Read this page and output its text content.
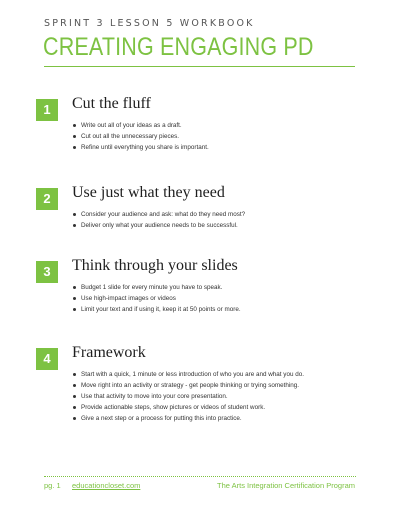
SPRINT 3 LESSON 5 WORKBOOK
CREATING ENGAGING PD
1	Cut the fluff
Write out all of your ideas as a draft.
Cut out all the unnecessary pieces.
Refine until everything you share is important.
2	Use just what they need
Consider your audience and ask: what do they need most?
Deliver only what your audience needs to be successful.
3	Think through your slides
Budget 1 slide for every minute you have to speak.
Use high-impact images or videos
Limit your text and if using it, keep it at 50 points or more.
4	Framework
Start with a quick, 1 minute or less introduction of who you are and what you do.
Move right into an activity or strategy - get people thinking or trying something.
Use that activity to move into your core presentation.
Provide actionable steps, show pictures or videos of student work.
Give a next step or a process for putting this into practice.
pg. 1 educationcloset.com	The Arts Integration Certification Program
